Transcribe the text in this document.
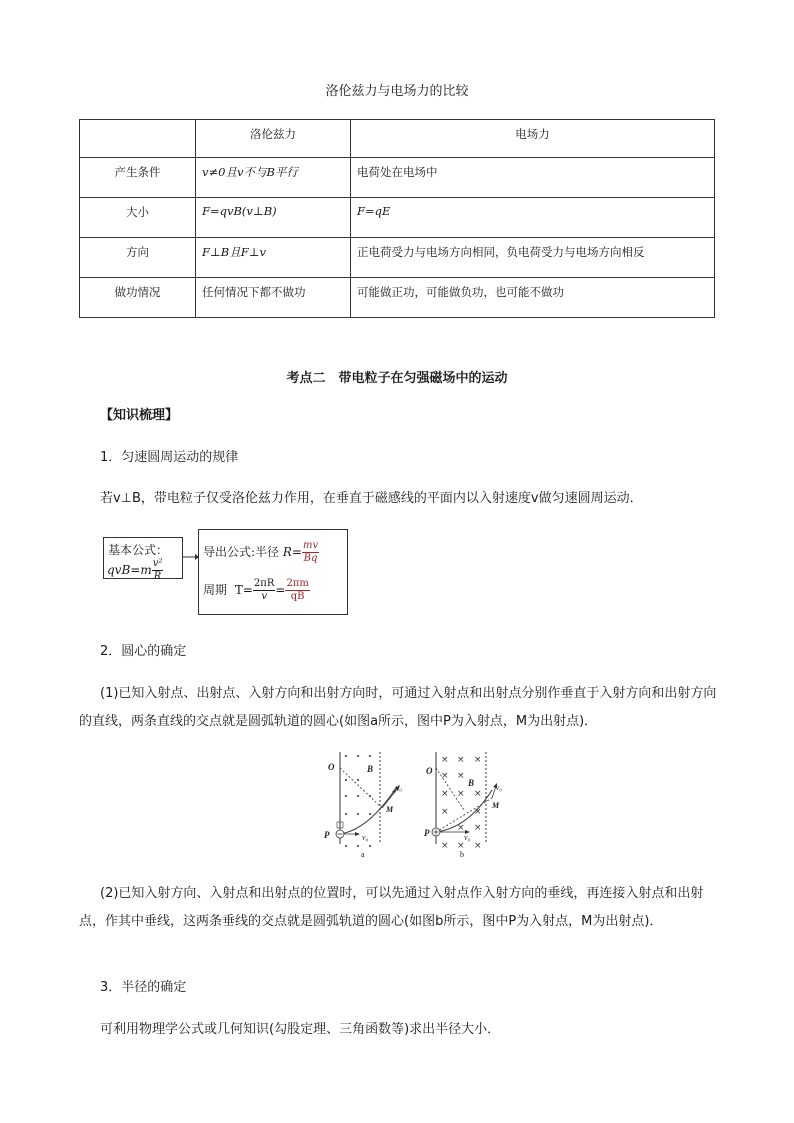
洛伦兹力与电场力的比较
	洛伦兹力	电场力
产生条件	v≠0且v不与B平行	电荷处在电场中
大小	F=qvB(v⊥B)	F=qE
方向	F⊥B且F⊥v	正电荷受力与电场方向相同，负电荷受力与电场方向相反
做功情况	任何情况下都不做功	可能做正功，可能做负功，也可能不做功
考点二　带电粒子在匀强磁场中的运动
【知识梳理】
1．匀速圆周运动的规律
若v⊥B，带电粒子仅受洛伦兹力作用，在垂直于磁感线的平面内以入射速度v做匀速圆周运动．
基本公式：
$qvB=m \frac{\text{v²}}{R}$
导出公式:半径 $R= \frac{mv}{Bq}$
周期 $T= \frac{2\pi R}{v} = \frac{2\pi m}{qB}$
2．圆心的确定
(1)已知入射点、出射点、入射方向和出射方向时，可通过入射点和出射点分别作垂直于入射方向和出射方向的直线，两条直线的交点就是圆弧轨道的圆心(如图a所示，图中P为入射点，M为出射点)．
O	B
v₀
M
P	v₀
a
× × ×
× ×
× × ×
×	×
× ×
× × ×
O
B	v₀
M
P	v₀
b
(2)已知入射方向、入射点和出射点的位置时，可以先通过入射点作入射方向的垂线，再连接入射点和出射点，作其中垂线，这两条垂线的交点就是圆弧轨道的圆心(如图b所示，图中P为入射点，M为出射点)．
3．半径的确定
可利用物理学公式或几何知识(勾股定理、三角函数等)求出半径大小．
